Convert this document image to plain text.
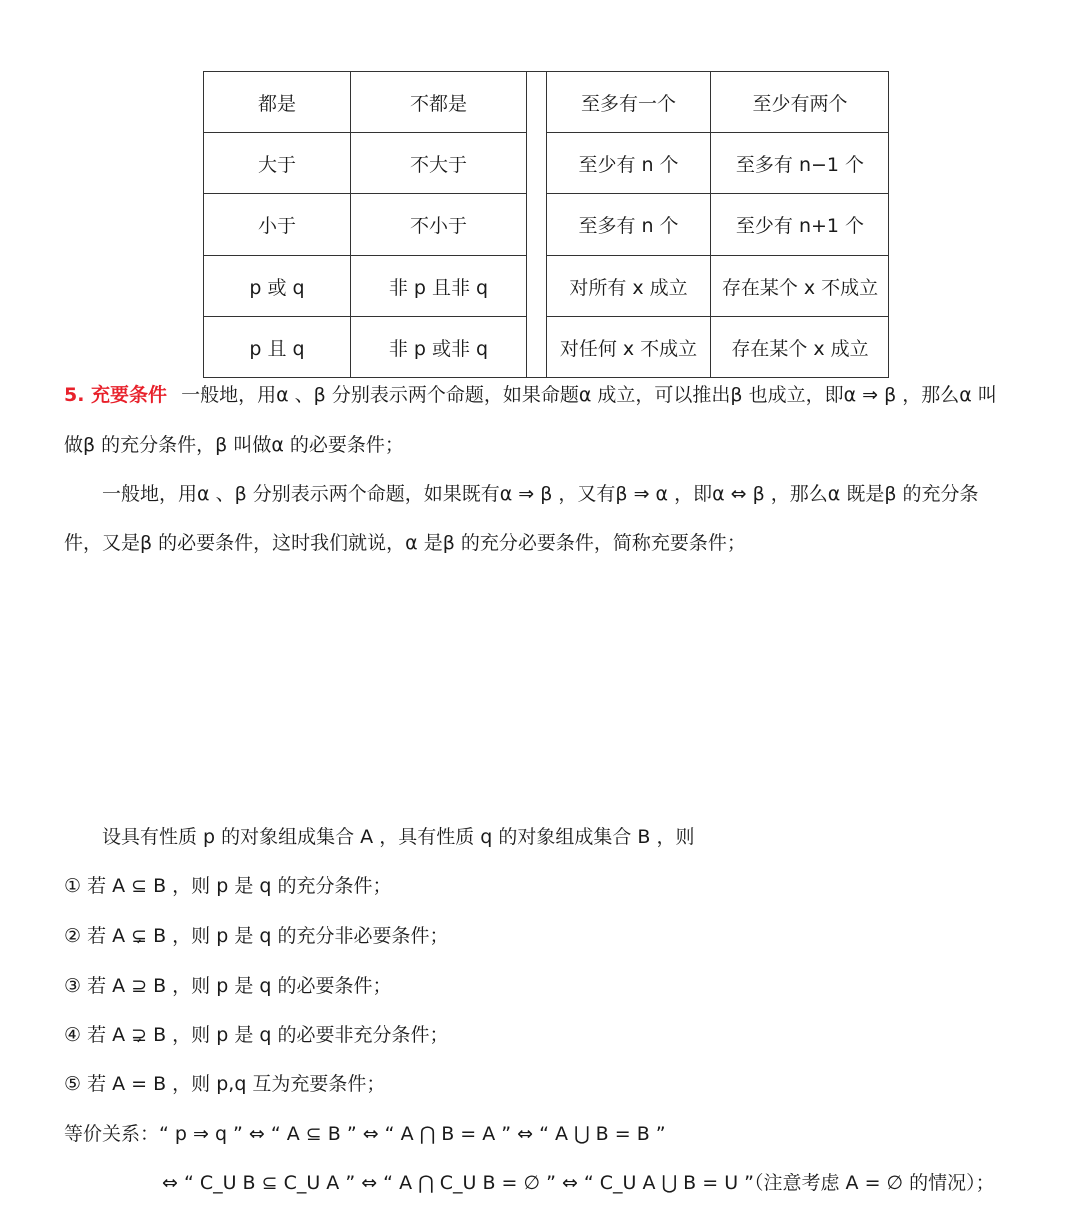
都是	不都是	至多有一个	至少有两个
大于	不大于	至少有 n 个	至多有 n−1 个
小于	不小于	至多有 n 个	至少有 n+1 个
p 或 q	非 p 且非 q	对所有 x 成立	存在某个 x 不成立
p 且 q	非 p 或非 q	对任何 x 不成立	存在某个 x 成立
5. 充要条件 一般地，用α 、β 分别表示两个命题，如果命题α 成立，可以推出β 也成立，即α ⇒ β ，那么α 叫
做β 的充分条件，β 叫做α 的必要条件；
一般地，用α 、β 分别表示两个命题，如果既有α ⇒ β ，又有β ⇒ α ，即α ⇔ β ，那么α 既是β 的充分条
件，又是β 的必要条件，这时我们就说，α 是β 的充分必要条件，简称充要条件；
设具有性质 p 的对象组成集合 A ，具有性质 q 的对象组成集合 B ，则
① 若 A ⊆ B ，则 p 是 q 的充分条件；
② 若 A ⊊ B ，则 p 是 q 的充分非必要条件；
③ 若 A ⊇ B ，则 p 是 q 的必要条件；
④ 若 A ⊋ B ，则 p 是 q 的必要非充分条件；
⑤ 若 A = B ，则 p,q 互为充要条件；
等价关系：“ p ⇒ q ” ⇔ “ A ⊆ B ” ⇔ “ A ⋂ B = A ” ⇔ “ A ⋃ B = B ”
⇔ “ C_U B ⊆ C_U A ” ⇔ “ A ⋂ C_U B = ∅ ” ⇔ “ C_U A ⋃ B = U ”（注意考虑 A = ∅ 的情况）；
